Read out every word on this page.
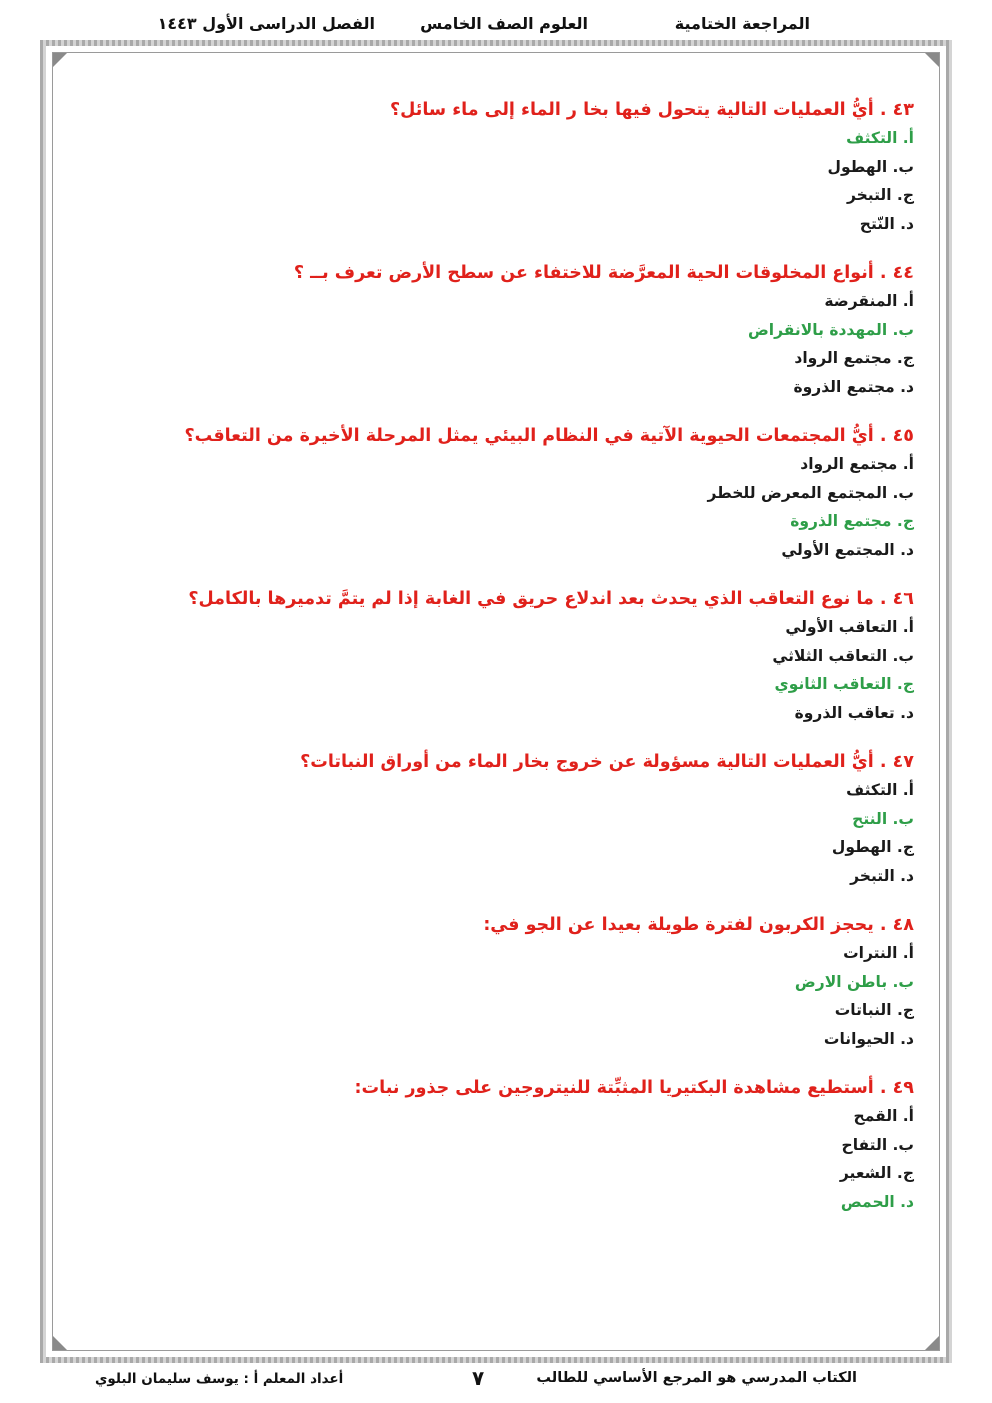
المراجعة الختامية
العلوم الصف الخامس
الفصل الدراسى الأول ١٤٤٣
٤٣ . أيُّ العمليات التالية يتحول فيها بخا ر الماء إلى ماء سائل؟
أ. التكثف
ب. الهطول
ج. التبخر
د. النّتح
٤٤ . أنواع المخلوقات الحية المعرَّضة للاختفاء عن سطح الأرض تعرف بــ ؟
أ. المنقرضة
ب. المهددة بالانقراض
ج. مجتمع الرواد
د. مجتمع الذروة
٤٥ . أيُّ المجتمعات الحيوية الآتية في النظام البيئي يمثل المرحلة الأخيرة من التعاقب؟
أ. مجتمع الرواد
ب. المجتمع المعرض للخطر
ج. مجتمع الذروة
د. المجتمع الأولي
٤٦ . ما نوع التعاقب الذي يحدث بعد اندلاع حريق في الغابة إذا لم يتمَّ تدميرها بالكامل؟
أ. التعاقب الأولي
ب. التعاقب الثلاثي
ج. التعاقب الثانوي
د. تعاقب الذروة
٤٧ . أيُّ العمليات التالية مسؤولة عن خروج بخار الماء من أوراق النباتات؟
أ. التكثف
ب. النتح
ج. الهطول
د. التبخر
٤٨ . يحجز الكربون لفترة طويلة بعيدا عن الجو في:
أ. النترات
ب. باطن الارض
ج. النباتات
د. الحيوانات
٤٩ . أستطيع مشاهدة البكتيريا المثبِّتة للنيتروجين على جذور نبات:
أ. القمح
ب. التفاح
ج. الشعير
د. الحمص
الكتاب المدرسي هو المرجع الأساسي للطالب
٧
أعداد المعلم أ : يوسف سليمان البلوي
